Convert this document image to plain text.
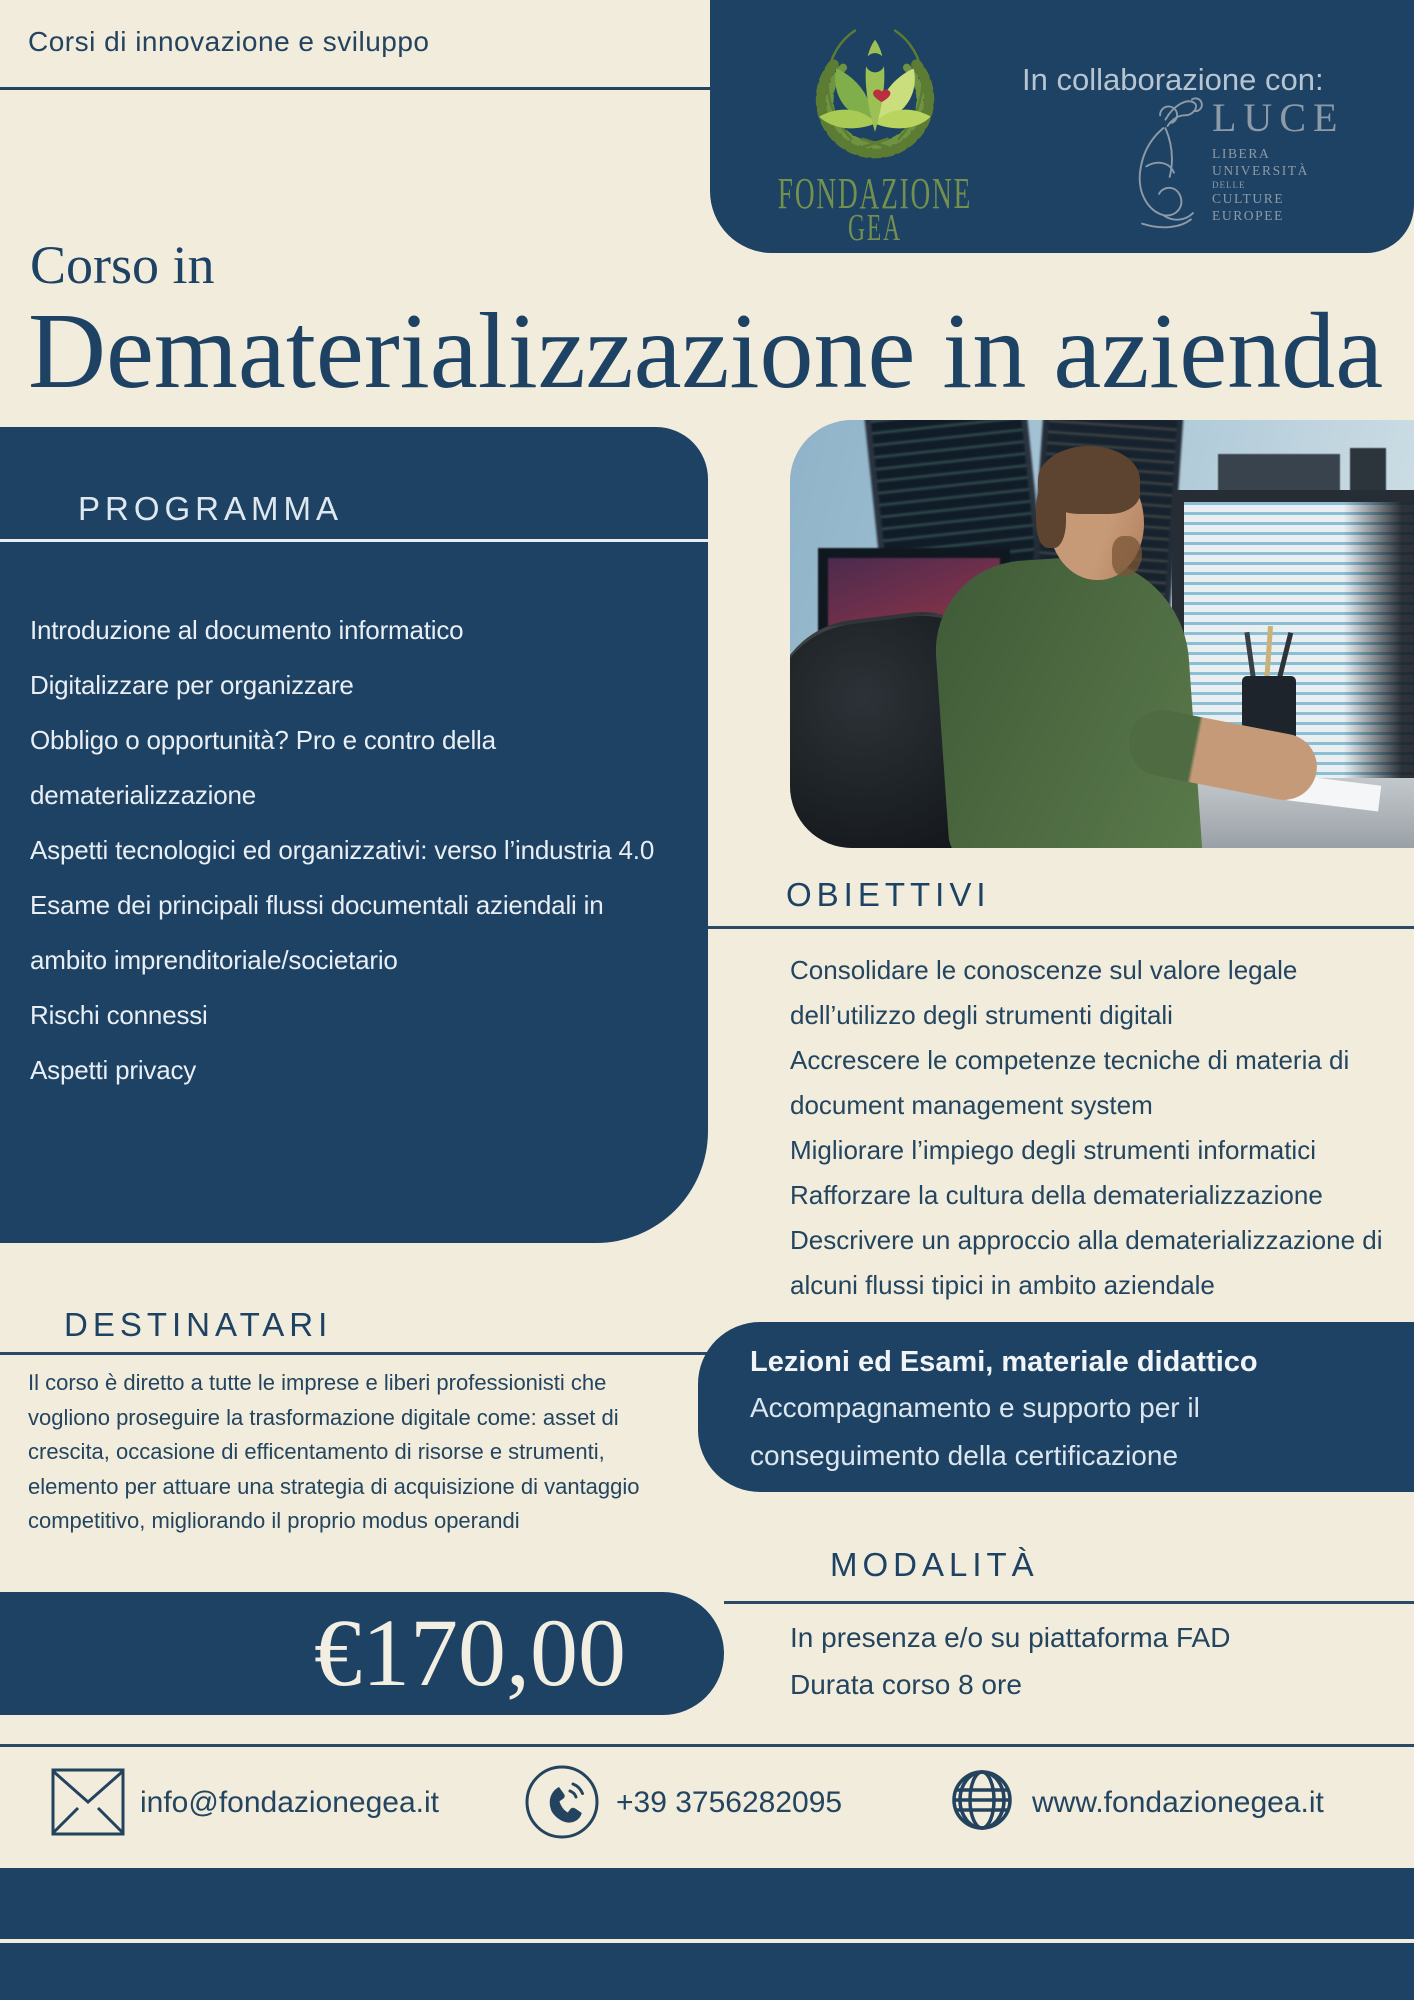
Corsi di innovazione e sviluppo
FONDAZIONE
GEA
In collaborazione con:
LUCE
LIBERA
UNIVERSITÀ
DELLE
CULTURE
EUROPEE
Corso in
Dematerializzazione in azienda
PROGRAMMA
Introduzione al documento informatico
Digitalizzare per organizzare
Obbligo o opportunità? Pro e contro della dematerializzazione
Aspetti tecnologici ed organizzativi: verso l’industria 4.0
Esame dei principali flussi documentali aziendali in ambito imprenditoriale/societario
Rischi connessi
Aspetti privacy
OBIETTIVI
Consolidare le conoscenze sul valore legale dell’utilizzo degli strumenti digitali
Accrescere le competenze tecniche di materia di document management system
Migliorare l’impiego degli strumenti informatici
Rafforzare la cultura della dematerializzazione
Descrivere un approccio alla dematerializzazione di alcuni flussi tipici in ambito aziendale
DESTINATARI
Il corso è diretto a tutte le imprese e liberi professionisti che vogliono proseguire la trasformazione digitale come: asset di crescita, occasione di efficentamento di risorse e strumenti, elemento per attuare una strategia di acquisizione di vantaggio competitivo, migliorando il proprio modus operandi
Lezioni ed Esami, materiale didattico
Accompagnamento e supporto per il conseguimento della certificazione
MODALITÀ
€170,00	In presenza e/o su piattaforma FAD
Durata corso 8 ore
info@fondazionegea.it	+39 3756282095	www.fondazionegea.it
